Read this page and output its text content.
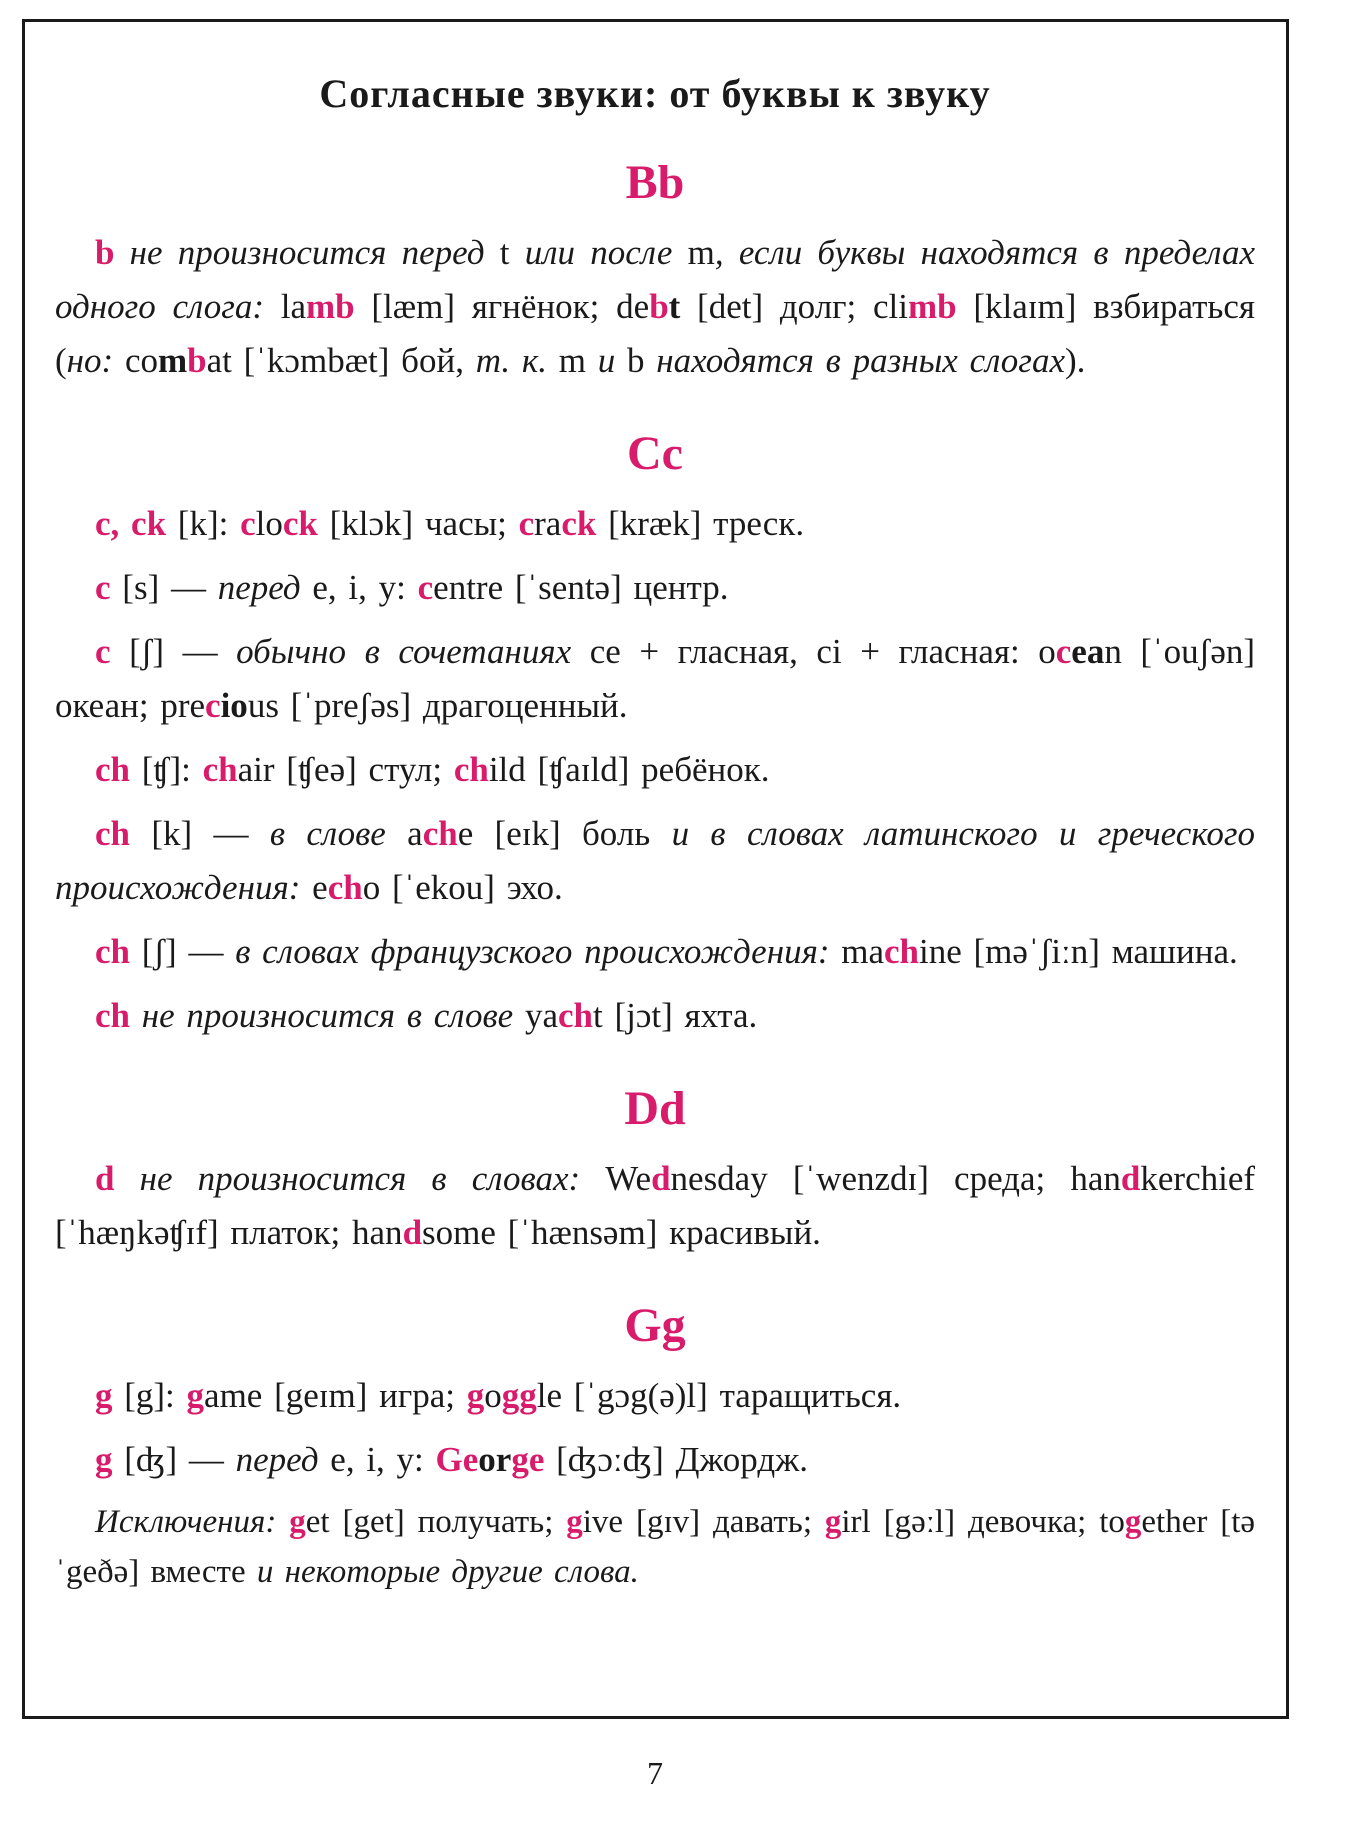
Согласные звуки: от буквы к звуку
Bb

b не произносится перед t или после m, если буквы находятся в пределах одного слога: lamb [læm] ягнёнок; debt [det] долг; climb [klaɪm] взбираться (но: combat [ˈkɔmbæt] бой, т. к. m и b находятся в разных слогах).

Cc

c, ck [k]: clock [klɔk] часы; crack [kræk] треск.

c [s] — перед e, i, y: centre [ˈsentə] центр.

c [ʃ] — обычно в сочетаниях ce + гласная, ci + гласная: ocean [ˈouʃən] океан; precious [ˈpreʃəs] драгоценный.

ch [ʧ]: chair [ʧeə] стул; child [ʧaɪld] ребёнок.

ch [k] — в слове ache [eɪk] боль и в словах латинского и греческого происхождения: echo [ˈekou] эхо.

ch [ʃ] — в словах французского происхождения: machine [məˈʃiːn] машина.

ch не произносится в слове yacht [jɔt] яхта.

Dd

d не произносится в словах: Wednesday [ˈwenzdɪ] среда; handkerchief [ˈhæŋkəʧɪf] платок; handsome [ˈhænsəm] красивый.

Gg

g [g]: game [geɪm] игра; goggle [ˈgɔg(ə)l] таращиться.

g [ʤ] — перед e, i, y: George [ʤɔːʤ] Джордж.

Исключения: get [get] получать; give [gɪv] давать; girl [gəːl] девочка; together [təˈgeðə] вместе и некоторые другие слова.

7
